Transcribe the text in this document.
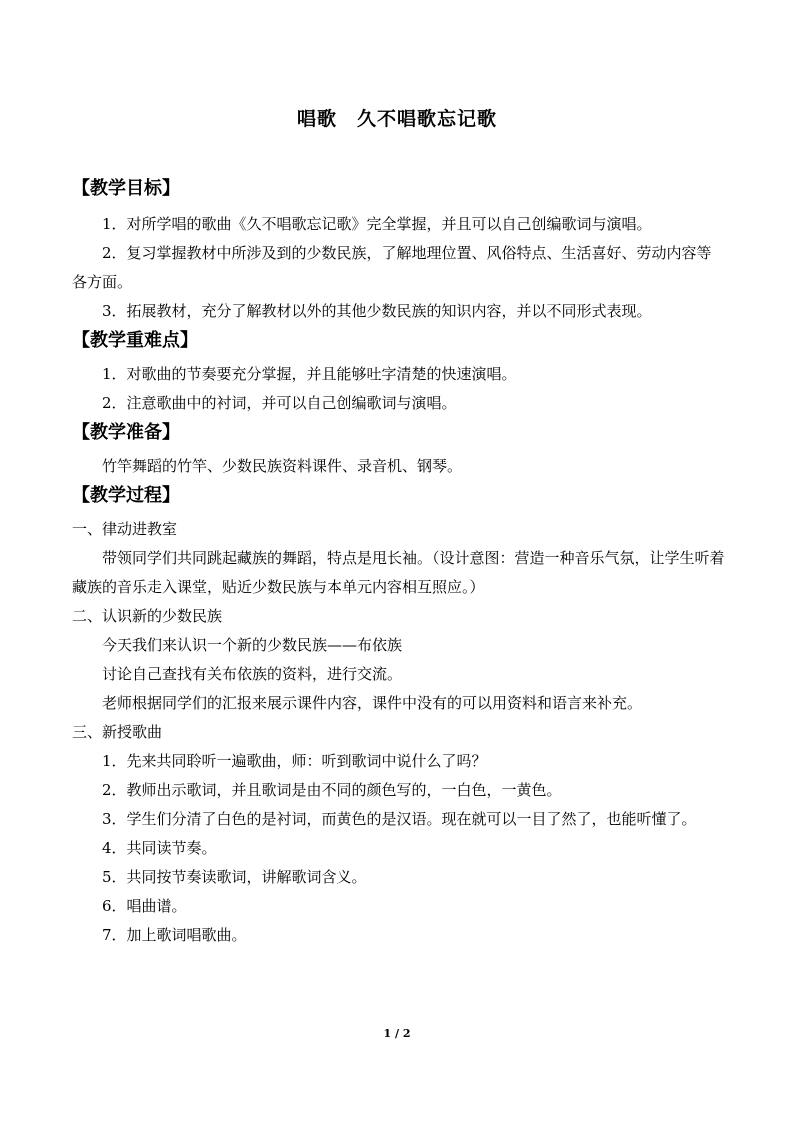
唱歌　久不唱歌忘记歌
【教学目标】

1．对所学唱的歌曲《久不唱歌忘记歌》完全掌握，并且可以自己创编歌词与演唱。

2．复习掌握教材中所涉及到的少数民族，了解地理位置、风俗特点、生活喜好、劳动内容等各方面。

3．拓展教材，充分了解教材以外的其他少数民族的知识内容，并以不同形式表现。

【教学重难点】

1．对歌曲的节奏要充分掌握，并且能够吐字清楚的快速演唱。

2．注意歌曲中的衬词，并可以自己创编歌词与演唱。

【教学准备】

竹竿舞蹈的竹竿、少数民族资料课件、录音机、钢琴。

【教学过程】

一、律动进教室

带领同学们共同跳起藏族的舞蹈，特点是甩长袖。（设计意图：营造一种音乐气氛，让学生听着藏族的音乐走入课堂，贴近少数民族与本单元内容相互照应。）

二、认识新的少数民族

今天我们来认识一个新的少数民族——布依族

讨论自己查找有关布依族的资料，进行交流。

老师根据同学们的汇报来展示课件内容，课件中没有的可以用资料和语言来补充。

三、新授歌曲

1．先来共同聆听一遍歌曲，师：听到歌词中说什么了吗？

2．教师出示歌词，并且歌词是由不同的颜色写的，一白色，一黄色。

3．学生们分清了白色的是衬词，而黄色的是汉语。现在就可以一目了然了，也能听懂了。

4．共同读节奏。

5．共同按节奏读歌词，讲解歌词含义。

6．唱曲谱。

7．加上歌词唱歌曲。

1 / 2
